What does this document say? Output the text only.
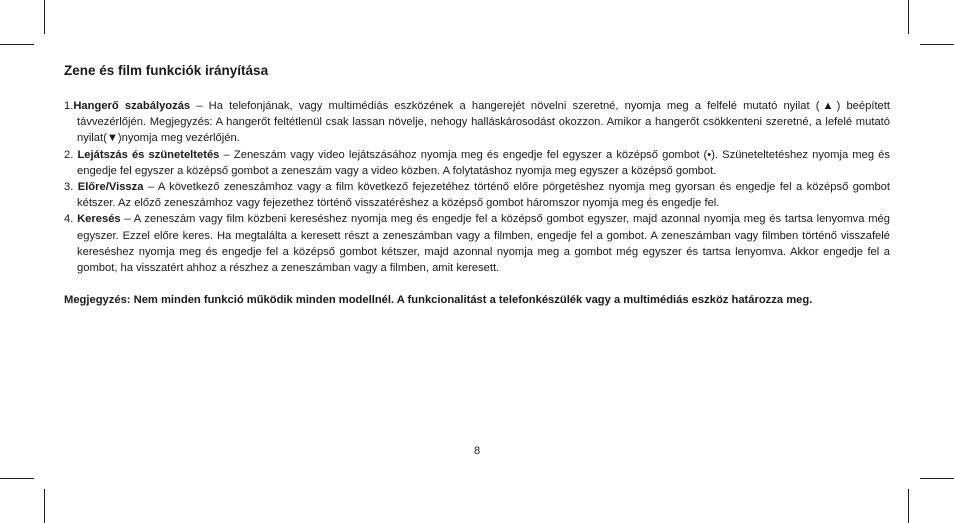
Zene és film funkciók irányítása
1.Hangerő szabályozás – Ha telefonjának, vagy multimédiás eszközének a hangerejét növelni szeretné, nyomja meg a felfelé mutató nyilat (▲) beépített távvezérlőjén. Megjegyzés: A hangerőt feltétlenül csak lassan növelje, nehogy halláskárosodást okozzon. Amikor a hangerőt csökkenteni szeretné, a lefelé mutató nyilat(▼)nyomja meg vezérlőjén.
2. Lejátszás és szüneteltetés – Zeneszám vagy video lejátszásához nyomja meg és engedje fel egyszer a középső gombot (•). Szüneteltetéshez nyomja meg és engedje fel egyszer a középső gombot a zeneszám vagy a video közben. A folytatáshoz nyomja meg egyszer a középső gombot.
3. Előre/Vissza – A következő zeneszámhoz vagy a film következő fejezetéhez történő előre pörgetéshez nyomja meg gyorsan és engedje fel a középső gombot kétszer. Az előző zeneszámhoz vagy fejezethez történő visszatéréshez a középső gombot háromszor nyomja meg és engedje fel.
4. Keresés – A zeneszám vagy film közbeni kereséshez nyomja meg és engedje fel a középső gombot egyszer, majd azonnal nyomja meg és tartsa lenyomva még egyszer. Ezzel előre keres. Ha megtalálta a keresett részt a zeneszámban vagy a filmben, engedje fel a gombot. A zeneszámban vagy filmben történő visszafelé kereséshez nyomja meg és engedje fel a középső gombot kétszer, majd azonnal nyomja meg a gombot még egyszer és tartsa lenyomva. Akkor engedje fel a gombot, ha visszatért ahhoz a részhez a zeneszámban vagy a filmben, amit keresett.
Megjegyzés: Nem minden funkció működik minden modellnél. A funkcionalitást a telefonkészülék vagy a multimédiás eszköz határozza meg.
8
